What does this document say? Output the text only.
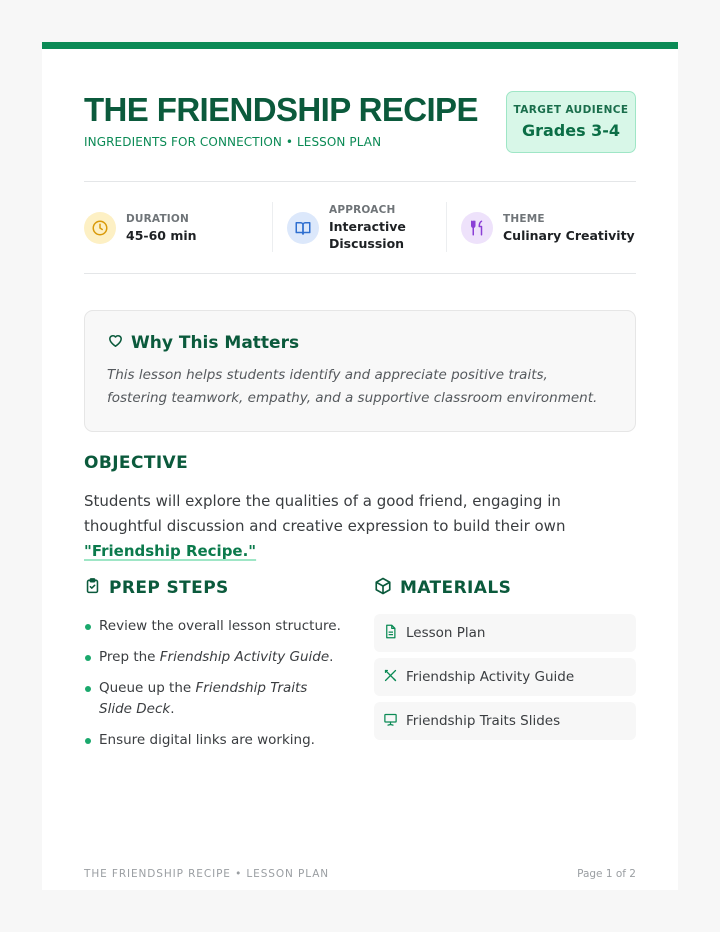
THE FRIENDSHIP RECIPE
INGREDIENTS FOR CONNECTION • LESSON PLAN
TARGET AUDIENCE
Grades 3-4
DURATION
45-60 min
APPROACH
Interactive Discussion
THEME
Culinary Creativity
Why This Matters

This lesson helps students identify and appreciate positive traits, fostering teamwork, empathy, and a supportive classroom environment.

OBJECTIVE

Students will explore the qualities of a good friend, engaging in thoughtful discussion and creative expression to build their own "Friendship Recipe."

PREP STEPS
Review the overall lesson structure.
Prep the Friendship Activity Guide.
Queue up the Friendship Traits Slide Deck.
Ensure digital links are working.
MATERIALS
Lesson Plan
Friendship Activity Guide
Friendship Traits Slides
THE FRIENDSHIP RECIPE • LESSON PLAN	Page 1 of 2
